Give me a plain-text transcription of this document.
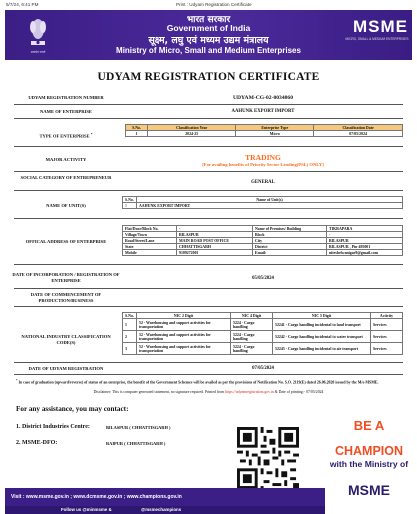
5/7/24, 6:41 PM	Print : Udyam Registration Certificate
सत्यमेव जयते
भारत सरकार
Government of India
सूक्ष्म, लघु एवं मध्यम उद्यम मंत्रालय
Ministry of Micro, Small and Medium Enterprises
MSME
MICRO, SMALL & MEDIUM ENTERPRISES
UDYAM REGISTRATION CERTIFICATE
UDYAM REGISTRATION NUMBER	UDYAM-CG-02-0034860
NAME OF ENTERPRISE	AAHUNK EXPORT IMPORT
TYPE OF ENTERPRISE *
S.No.	Classification Year	Enterprise Type	Classification Date
1	2024-25	Micro	07/05/2024
MAJOR ACTIVITY	TRADING
[For availing benefits of Priority Sector Lending(PSL) ONLY]
SOCIAL CATEGORY OF ENTREPRENEUR
GENERAL
NAME OF UNIT(S)
S.No.	Name of Unit(s)
1	AAHUNK EXPORT IMPORT
OFFICAL ADDRESS OF ENTERPRISE
Flat/Door/Block No.	-	Name of Premises/ Building	TIKRAPARA
Village/Town	BILASPUR	Block	-
Road/Street/Lane	MAIN ROAD POST OFFICE	City	BILASPUR
State	CHHATTISGARH	District	BILASPUR , Pin-495001
Mobile	9109272001	Email:	nitesbelwanigar9@gmail.com
DATE OF INCORPORATION / REGISTRATION OF ENTERPRISE	05/05/2024
DATE OF COMMENCEMENT OF PRODUCTION/BUSINESS
NATIONAL INDUSTRY CLASSIFICATION CODE(S)
S.No.	NIC 2 Digit	NIC 4 Digit	NIC 5 Digit	Activity
1	52 - Warehousing and support activities for transportation	5224 - Cargo handling	52241 - Cargo handling incidental to land transport	Services
2	52 - Warehousing and support activities for transportation	5224 - Cargo handling	52242 - Cargo handling incidental to water transport	Services
3	52 - Warehousing and support activities for transportation	5224 - Cargo handling	52243 - Cargo handling incidental to air transport	Services
DATE OF UDYAM REGISTRATION	07/05/2024
* In case of graduation (upward/reverse) of status of an enterprise, the benefit of the Government Schemes will be availed as per the provisions of Notification No. S.O. 2119(E) dated 26.06.2020 issued by the M/o MSME.
Disclaimer: This is computer generated statement, no signature required. Printed from https://udyamregistration.gov.in & Date of printing:- 07/05/2024
For any assistance, you may contact:
1. District Industries Centre:	BILASPUR ( CHHATTISGARH )
2. MSME-DFO:	RAIPUR ( CHHATTISGARH )
BE A
CHAMPION
with the Ministry of
MSME
Visit : www.msme.gov.in ; www.dcmsme.gov.in ; www.champions.gov.in
Follow us @minmsme &	@msmechampions
